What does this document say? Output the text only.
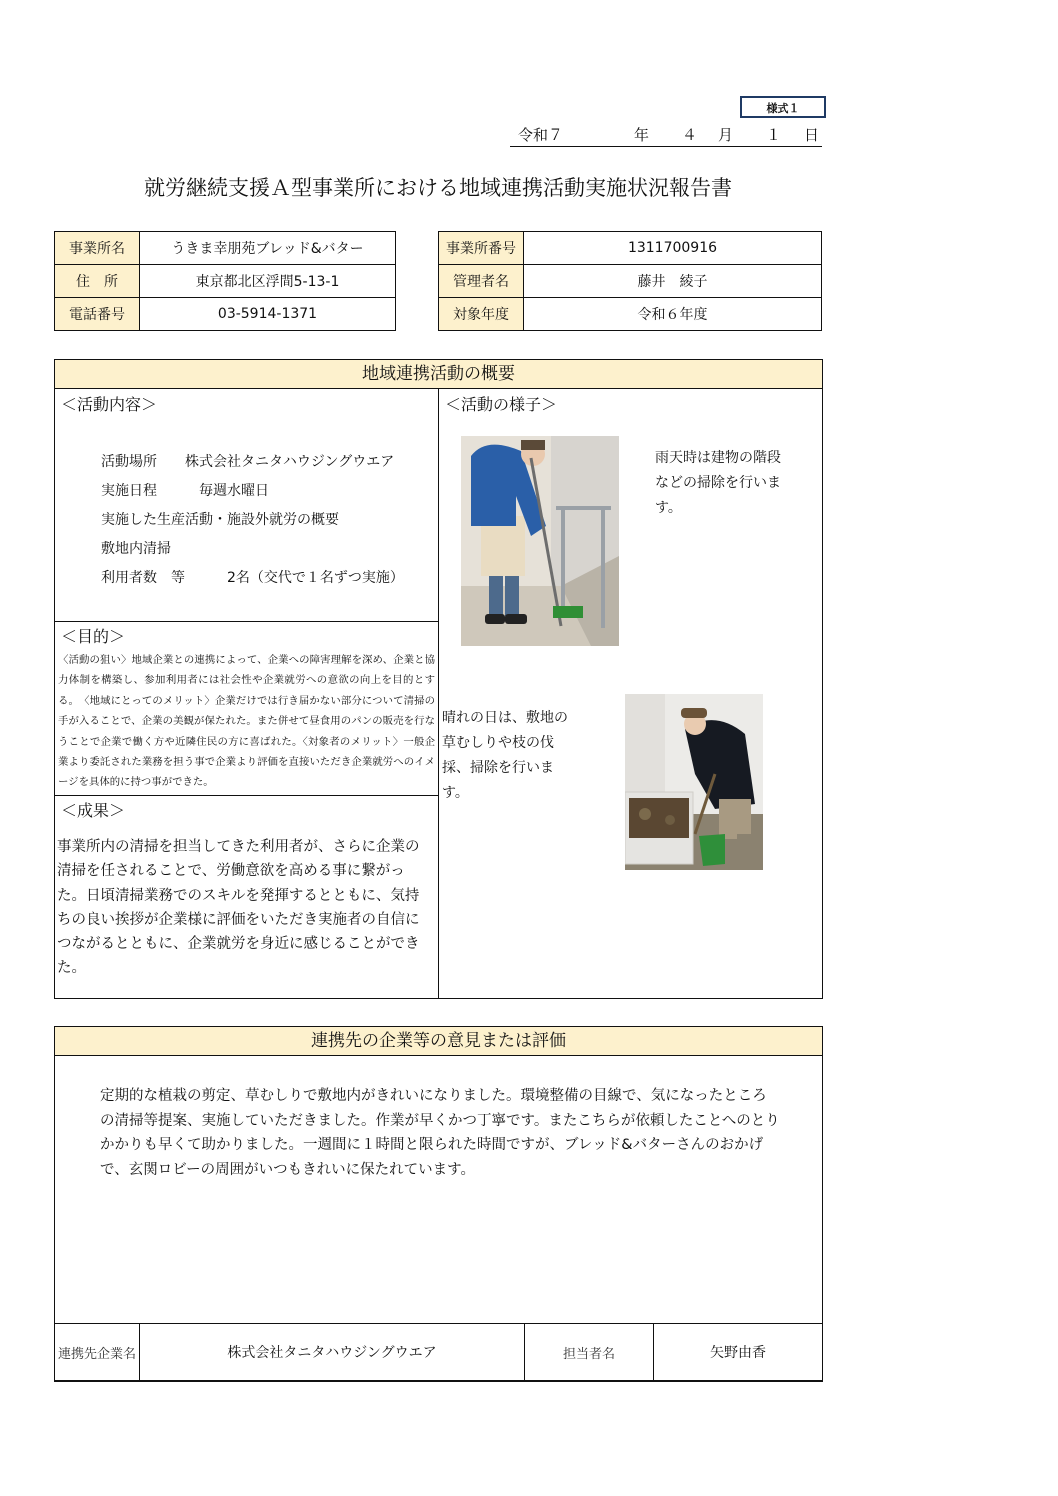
様式１
令和７	年 ４ 月 １ 日
就労継続支援Ａ型事業所における地域連携活動実施状況報告書
事業所名	うきま幸朋苑ブレッド&バター
住　所	東京都北区浮間5-13-1
電話番号	03-5914-1371
事業所番号	1311700916
管理者名	藤井　綾子
対象年度	令和６年度
地域連携活動の概要
＜活動内容＞
活動場所　　株式会社タニタハウジングウエア
実施日程　　　毎週水曜日
実施した生産活動・施設外就労の概要
敷地内清掃
利用者数　等　　　2名（交代で１名ずつ実施）
＜目的＞
〈活動の狙い〉地域企業との連携によって、企業への障害理解を深め、企業と協力体制を構築し、参加利用者には社会性や企業就労への意欲の向上を目的とする。　〈地域にとってのメリット〉企業だけでは行き届かない部分について清掃の手が入ることで、企業の美観が保たれた。また併せて昼食用のパンの販売を行なうことで企業で働く方や近隣住民の方に喜ばれた。〈対象者のメリット〉一般企業より委託された業務を担う事で企業より評価を直接いただき企業就労へのイメージを具体的に持つ事ができた。
＜成果＞
事業所内の清掃を担当してきた利用者が、さらに企業の清掃を任されることで、労働意欲を高める事に繋がった。日頃清掃業務でのスキルを発揮するとともに、気持ちの良い挨拶が企業様に評価をいただき実施者の自信につながるとともに、企業就労を身近に感じることができた。
＜活動の様子＞
雨天時は建物の階段などの掃除を行います。
晴れの日は、敷地の草むしりや枝の伐採、掃除を行います。
連携先の企業等の意見または評価
定期的な植栽の剪定、草むしりで敷地内がきれいになりました。環境整備の目線で、気になったところの清掃等提案、実施していただきました。作業が早くかつ丁寧です。またこちらが依頼したことへのとりかかりも早くて助かりました。一週間に１時間と限られた時間ですが、ブレッド&バターさんのおかげで、玄関ロビーの周囲がいつもきれいに保たれています。
連携先企業名	株式会社タニタハウジングウエア	担当者名	矢野由香
